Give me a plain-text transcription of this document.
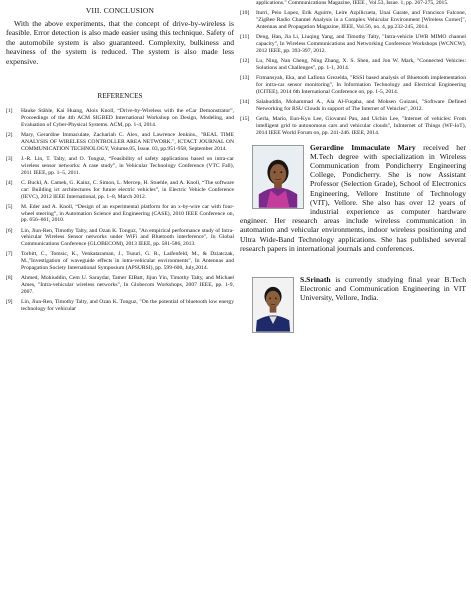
VIII. CONCLUSION

With the above experiments, that the concept of drive-by-wireless is feasible. Error detection is also made easier using this technique. Safety of the automobile system is also guaranteed. Complexity, bulkiness and heaviness of the system is reduced. The system is also made less expensive.

REFERENCES
[1]	Hauke Stähle, Kai Huang, Alois Knoll, “Drive-by-Wireless with the eCar Demonstrator”, Proceedings of the 4th ACM SIGBED International Workshop on Design, Modeling, and Evaluation of Cyber-Physical Systems. ACM, pp. 1-4, 2014.
[2]	Mary, Gerardine Immaculate, Zachariah C. Alex, and Lawrence Jenkins., "REAL TIME ANALYSIS OF WIRELESS CONTROLLER AREA NETWORK.", ICTACT JOURNAL ON COMMUNICATION TECHNOLOGY, Volume.05, Issue. 03, pp.951-958, September 2014.
[3]	J.-R. Lin, T. Talty, and O. Tonguz, “Feasibility of safety applications based on intra-car wireless sensor networks: A case study”, in Vehicular Technology Conference (VTC Fall), 2011 IEEE, pp. 1–5, 2011.
[4]	C. Buckl, A. Camek, G. Kainz, C. Simon, L. Mercep, H. Stuehle, and A. Knoll, “The software car: Building ict architectures for future electric vehicles”, in Electric Vehicle Conference (IEVC), 2012 IEEE International, pp. 1–8, March 2012.
[5]	M. Eder and A. Knoll, “Design of an experimental platform for an x-by-wire car with four-wheel steering”, in Automation Science and Engineering (CASE), 2010 IEEE Conference on, pp. 656–661, 2010.
[6]	Lin, Jiun-Ren, Timothy Talty, and Ozan K. Tonguz, "An empirical performance study of Intra-vehicular Wireless Sensor networks under WiFi and Bluetooth interference", In Global Communications Conference (GLOBECOM), 2013 IEEE, pp. 581-586, 2013.
[7]	Torbitt, C., Tomsic, K., Venkataraman, J., Tsouri, G. R., Laifenfeld, M., & Dziatczak, M.,"Investigation of waveguide effects in intra-vehicular environments", In Antennas and Propagation Society International Symposium (APSURSI), pp. 599-600, July,2014.
[8]	Ahmed, Mohiuddin, Cem U. Saraydar, Tamer ElBatt, Jijun Yin, Timothy Talty, and Michael Ames, "Intra-vehicular wireless networks", In Globecom Workshops, 2007 IEEE, pp. 1-9, 2007.
[9]	Lin, Jiun-Ren, Timothy Talty, and Ozan K. Tonguz, "On the potential of bluetooth low energy technology for vehicular
applications." Communications Magazine, IEEE , Vol.53, Issue. 1, pp. 267-275, 2015.
[10]	Iturri, Peio Lopez, Erik Aguirre, Leire Azpilicueta, Unai Garate, and Francisco Falcone, "ZigBee Radio Channel Analysis in a Complex Vehicular Environment [Wireless Corner]", Antennas and Propagation Magazine, IEEE, Vol.56, no. 4, pp.232-245, 2014.
[11]	Deng, Han, Jia Li, Liuqing Yang, and Timothy Talty, "Intra-vehicle UWB MIMO channel capacity", In Wireless Communications and Networking Conference Workshops (WCNCW), 2012 IEEE, pp. 393-397, 2012.
[12]	Lu, Ning, Nan Cheng, Ning Zhang, X. S. Shen, and Jon W. Mark, "Connected Vehicles: Solutions and Challenges", pp. 1-1, 2014.
[13]	Firmansyah, Eka, and Lafiona Grezelda, "RSSI based analysis of Bluetooth implementation for intra-car sensor monitoring", In Information Technology and Electrical Engineering (ICITEE), 2014 6th International Conference on, pp. 1-5, 2014.
[14]	Salahuddin, Mohammad A., Ala Al-Fuqaha, and Mohsen Guizani, "Software Defined Networking for RSU Clouds in support of The Internet of Vehicles", 2012.
[15]	Gerla, Mario, Eun-Kyu Lee, Giovanni Pau, and Uichin Lee, "Internet of vehicles: From intelligent grid to autonomous cars and vehicular clouds", InInternet of Things (WF-IoT), 2014 IEEE World Forum on, pp. 241-246. IEEE, 2014.
Gerardine Immaculate Mary received her M.Tech degree with specialization in Wireless Communication from Pondicherry Engineering College, Pondicherry. She is now Assistant Professor (Selection Grade), School of Electronics Engineering, Vellore Institute of Technology (VIT), Vellore. She also has over 12 years of industrial experience as computer hardware engineer. Her research areas include wireless communication in automation and vehicular environments, indoor wireless positioning and Ultra Wide-Band Technology applications. She has published several research papers in international journals and conferences.
S.Srinath is currently studying final year B.Tech Electronic and Communication Engineering in VIT University, Vellore, India.
